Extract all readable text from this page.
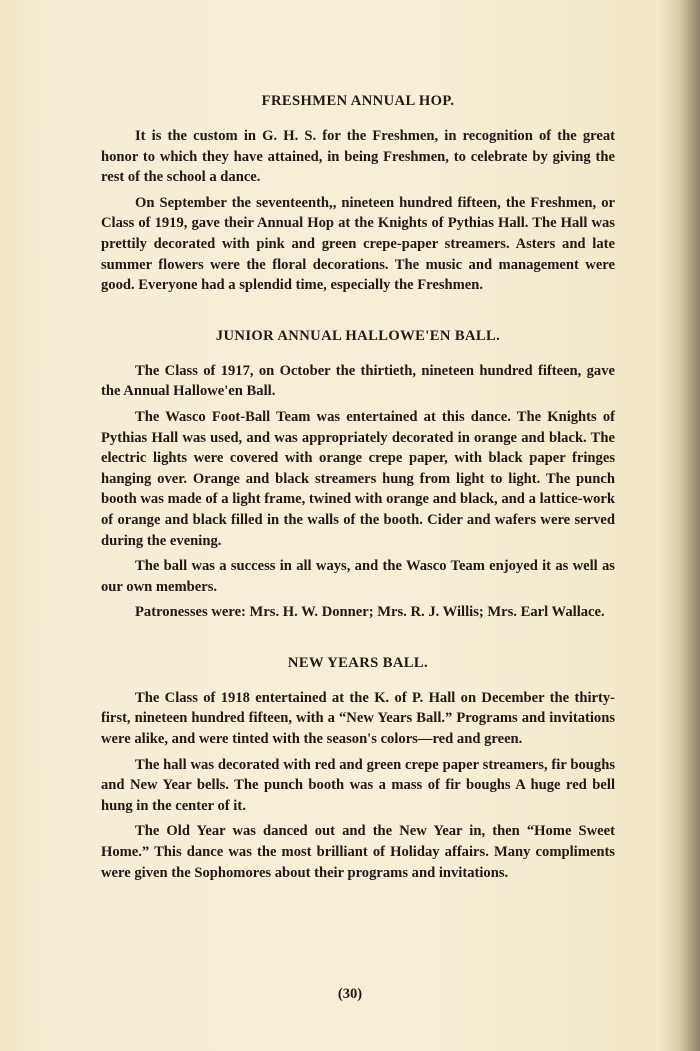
FRESHMEN ANNUAL HOP.

It is the custom in G. H. S. for the Freshmen, in recognition of the great honor to which they have attained, in being Freshmen, to celebrate by giving the rest of the school a dance.

On September the seventeenth,, nineteen hundred fifteen, the Freshmen, or Class of 1919, gave their Annual Hop at the Knights of Pythias Hall. The Hall was prettily decorated with pink and green crepe-paper streamers. Asters and late summer flowers were the floral decorations. The music and management were good. Everyone had a splendid time, especially the Freshmen.

JUNIOR ANNUAL HALLOWE'EN BALL.

The Class of 1917, on October the thirtieth, nineteen hundred fifteen, gave the Annual Hallowe'en Ball.

The Wasco Foot-Ball Team was entertained at this dance. The Knights of Pythias Hall was used, and was appropriately decorated in orange and black. The electric lights were covered with orange crepe paper, with black paper fringes hanging over. Orange and black streamers hung from light to light. The punch booth was made of a light frame, twined with orange and black, and a lattice-work of orange and black filled in the walls of the booth. Cider and wafers were served during the evening.

The ball was a success in all ways, and the Wasco Team enjoyed it as well as our own members.

Patronesses were: Mrs. H. W. Donner; Mrs. R. J. Willis; Mrs. Earl Wallace.

NEW YEARS BALL.

The Class of 1918 entertained at the K. of P. Hall on December the thirty-first, nineteen hundred fifteen, with a “New Years Ball.” Programs and invitations were alike, and were tinted with the season's colors—red and green.

The hall was decorated with red and green crepe paper streamers, fir boughs and New Year bells. The punch booth was a mass of fir boughs A huge red bell hung in the center of it.

The Old Year was danced out and the New Year in, then “Home Sweet Home.” This dance was the most brilliant of Holiday affairs. Many compliments were given the Sophomores about their programs and invitations.

(30)
